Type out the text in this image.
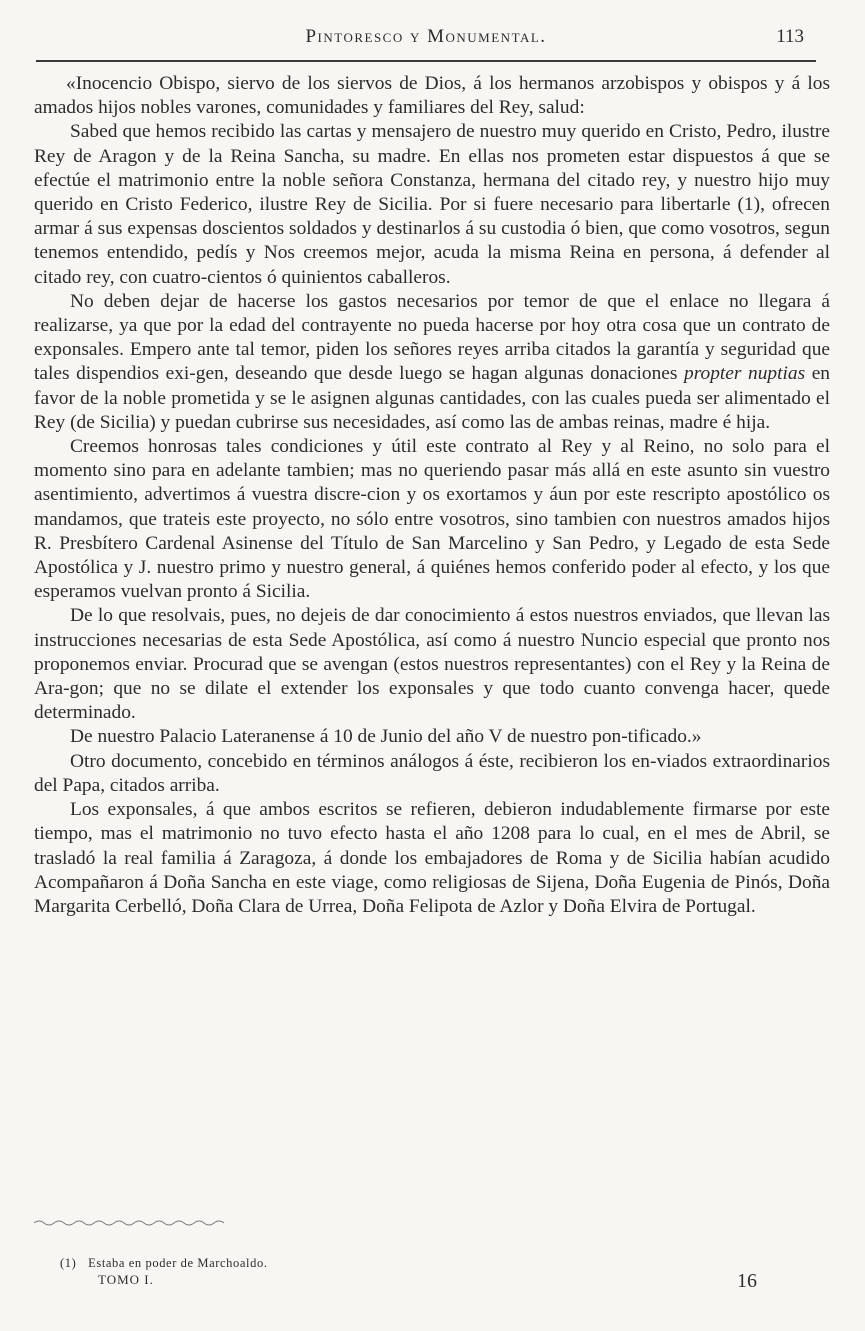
Pintoresco y Monumental.	113

«Inocencio Obispo, siervo de los siervos de Dios, á los hermanos arzobispos y obispos y á los amados hijos nobles varones, comunidades y familiares del Rey, salud:

Sabed que hemos recibido las cartas y mensajero de nuestro muy querido en Cristo, Pedro, ilustre Rey de Aragon y de la Reina Sancha, su madre. En ellas nos prometen estar dispuestos á que se efectúe el matrimonio entre la noble señora Constanza, hermana del citado rey, y nuestro hijo muy querido en Cristo Federico, ilustre Rey de Sicilia. Por si fuere necesario para libertarle (1), ofrecen armar á sus expensas doscientos soldados y destinarlos á su custodia ó bien, que como vosotros, segun tenemos entendido, pedís y Nos creemos mejor, acuda la misma Reina en persona, á defender al citado rey, con cuatro-cientos ó quinientos caballeros.

No deben dejar de hacerse los gastos necesarios por temor de que el enlace no llegara á realizarse, ya que por la edad del contrayente no pueda hacerse por hoy otra cosa que un contrato de exponsales. Empero ante tal temor, piden los señores reyes arriba citados la garantía y seguridad que tales dispendios exi-gen, deseando que desde luego se hagan algunas donaciones propter nuptias en favor de la noble prometida y se le asignen algunas cantidades, con las cuales pueda ser alimentado el Rey (de Sicilia) y puedan cubrirse sus necesidades, así como las de ambas reinas, madre é hija.

Creemos honrosas tales condiciones y útil este contrato al Rey y al Reino, no solo para el momento sino para en adelante tambien; mas no queriendo pasar más allá en este asunto sin vuestro asentimiento, advertimos á vuestra discre-cion y os exortamos y áun por este rescripto apostólico os mandamos, que trateis este proyecto, no sólo entre vosotros, sino tambien con nuestros amados hijos R. Presbítero Cardenal Asinense del Título de San Marcelino y San Pedro, y Legado de esta Sede Apostólica y J. nuestro primo y nuestro general, á quiénes hemos conferido poder al efecto, y los que esperamos vuelvan pronto á Sicilia.

De lo que resolvais, pues, no dejeis de dar conocimiento á estos nuestros enviados, que llevan las instrucciones necesarias de esta Sede Apostólica, así como á nuestro Nuncio especial que pronto nos proponemos enviar. Procurad que se avengan (estos nuestros representantes) con el Rey y la Reina de Ara-gon; que no se dilate el extender los exponsales y que todo cuanto convenga hacer, quede determinado.

De nuestro Palacio Lateranense á 10 de Junio del año V de nuestro pon-tificado.»

Otro documento, concebido en términos análogos á éste, recibieron los en-viados extraordinarios del Papa, citados arriba.

Los exponsales, á que ambos escritos se refieren, debieron indudablemente firmarse por este tiempo, mas el matrimonio no tuvo efecto hasta el año 1208 para lo cual, en el mes de Abril, se trasladó la real familia á Zaragoza, á donde los embajadores de Roma y de Sicilia habían acudido Acompañaron á Doña Sancha en este viage, como religiosas de Sijena, Doña Eugenia de Pinós, Doña Margarita Cerbelló, Doña Clara de Urrea, Doña Felipota de Azlor y Doña Elvira de Portugal.

(1) Estaba en poder de Marchoaldo.
TOMO I.	16
